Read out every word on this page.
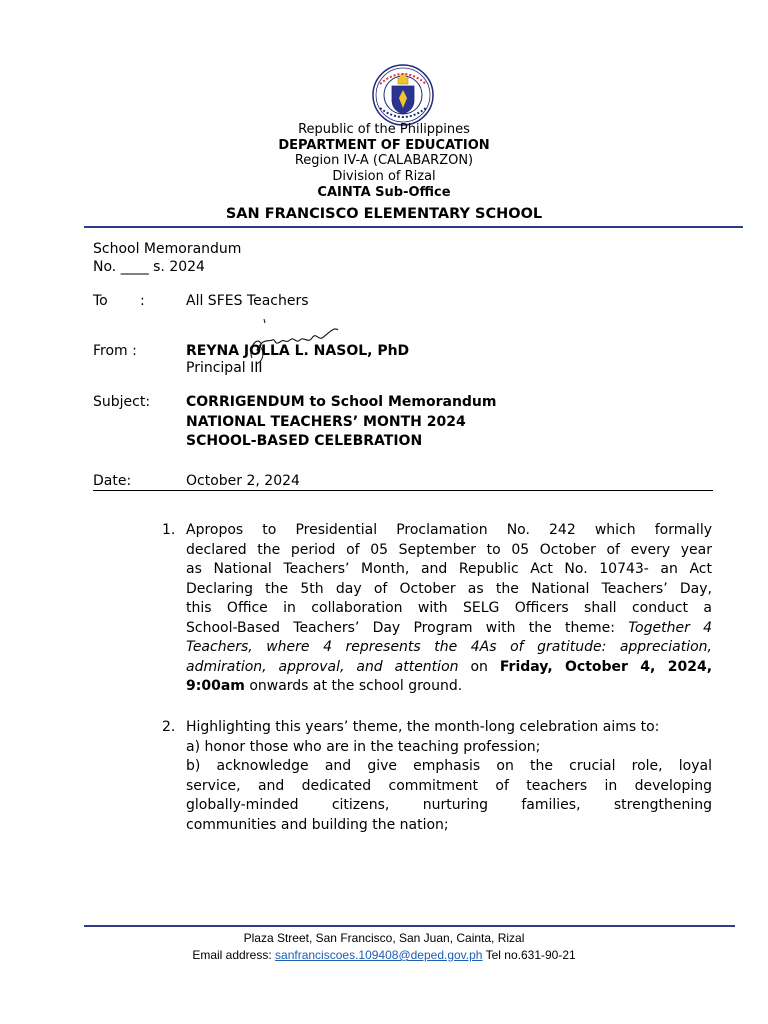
Republic of the Philippines
DEPARTMENT OF EDUCATION
Region IV-A (CALABARZON)
Division of Rizal
CAINTA Sub-Office
SAN FRANCISCO ELEMENTARY SCHOOL
School Memorandum
No. ____ s. 2024
To :	All SFES Teachers
From :	REYNA JOLLA L. NASOL, PhD
Principal III
Subject:	CORRIGENDUM to School Memorandum
NATIONAL TEACHERS’ MONTH 2024
SCHOOL-BASED CELEBRATION
Date:	October 2, 2024
1. Apropos to Presidential Proclamation No. 242 which formally
declared the period of 05 September to 05 October of every year
as National Teachers’ Month, and Republic Act No. 10743- an Act
Declaring the 5th day of October as the National Teachers’ Day,
this Office in collaboration with SELG Officers shall conduct a
School-Based Teachers’ Day Program with the theme: Together 4
Teachers, where 4 represents the 4As of gratitude: appreciation,
admiration, approval, and attention on Friday, October 4, 2024,
9:00am onwards at the school ground.
2. Highlighting this years’ theme, the month-long celebration aims to:
a) honor those who are in the teaching profession;
b) acknowledge and give emphasis on the crucial role, loyal
service, and dedicated commitment of teachers in developing
globally-minded citizens, nurturing families, strengthening
communities and building the nation;
Plaza Street, San Francisco, San Juan, Cainta, Rizal
Email address: sanfranciscoes.109408@deped.gov.ph Tel no.631-90-21
